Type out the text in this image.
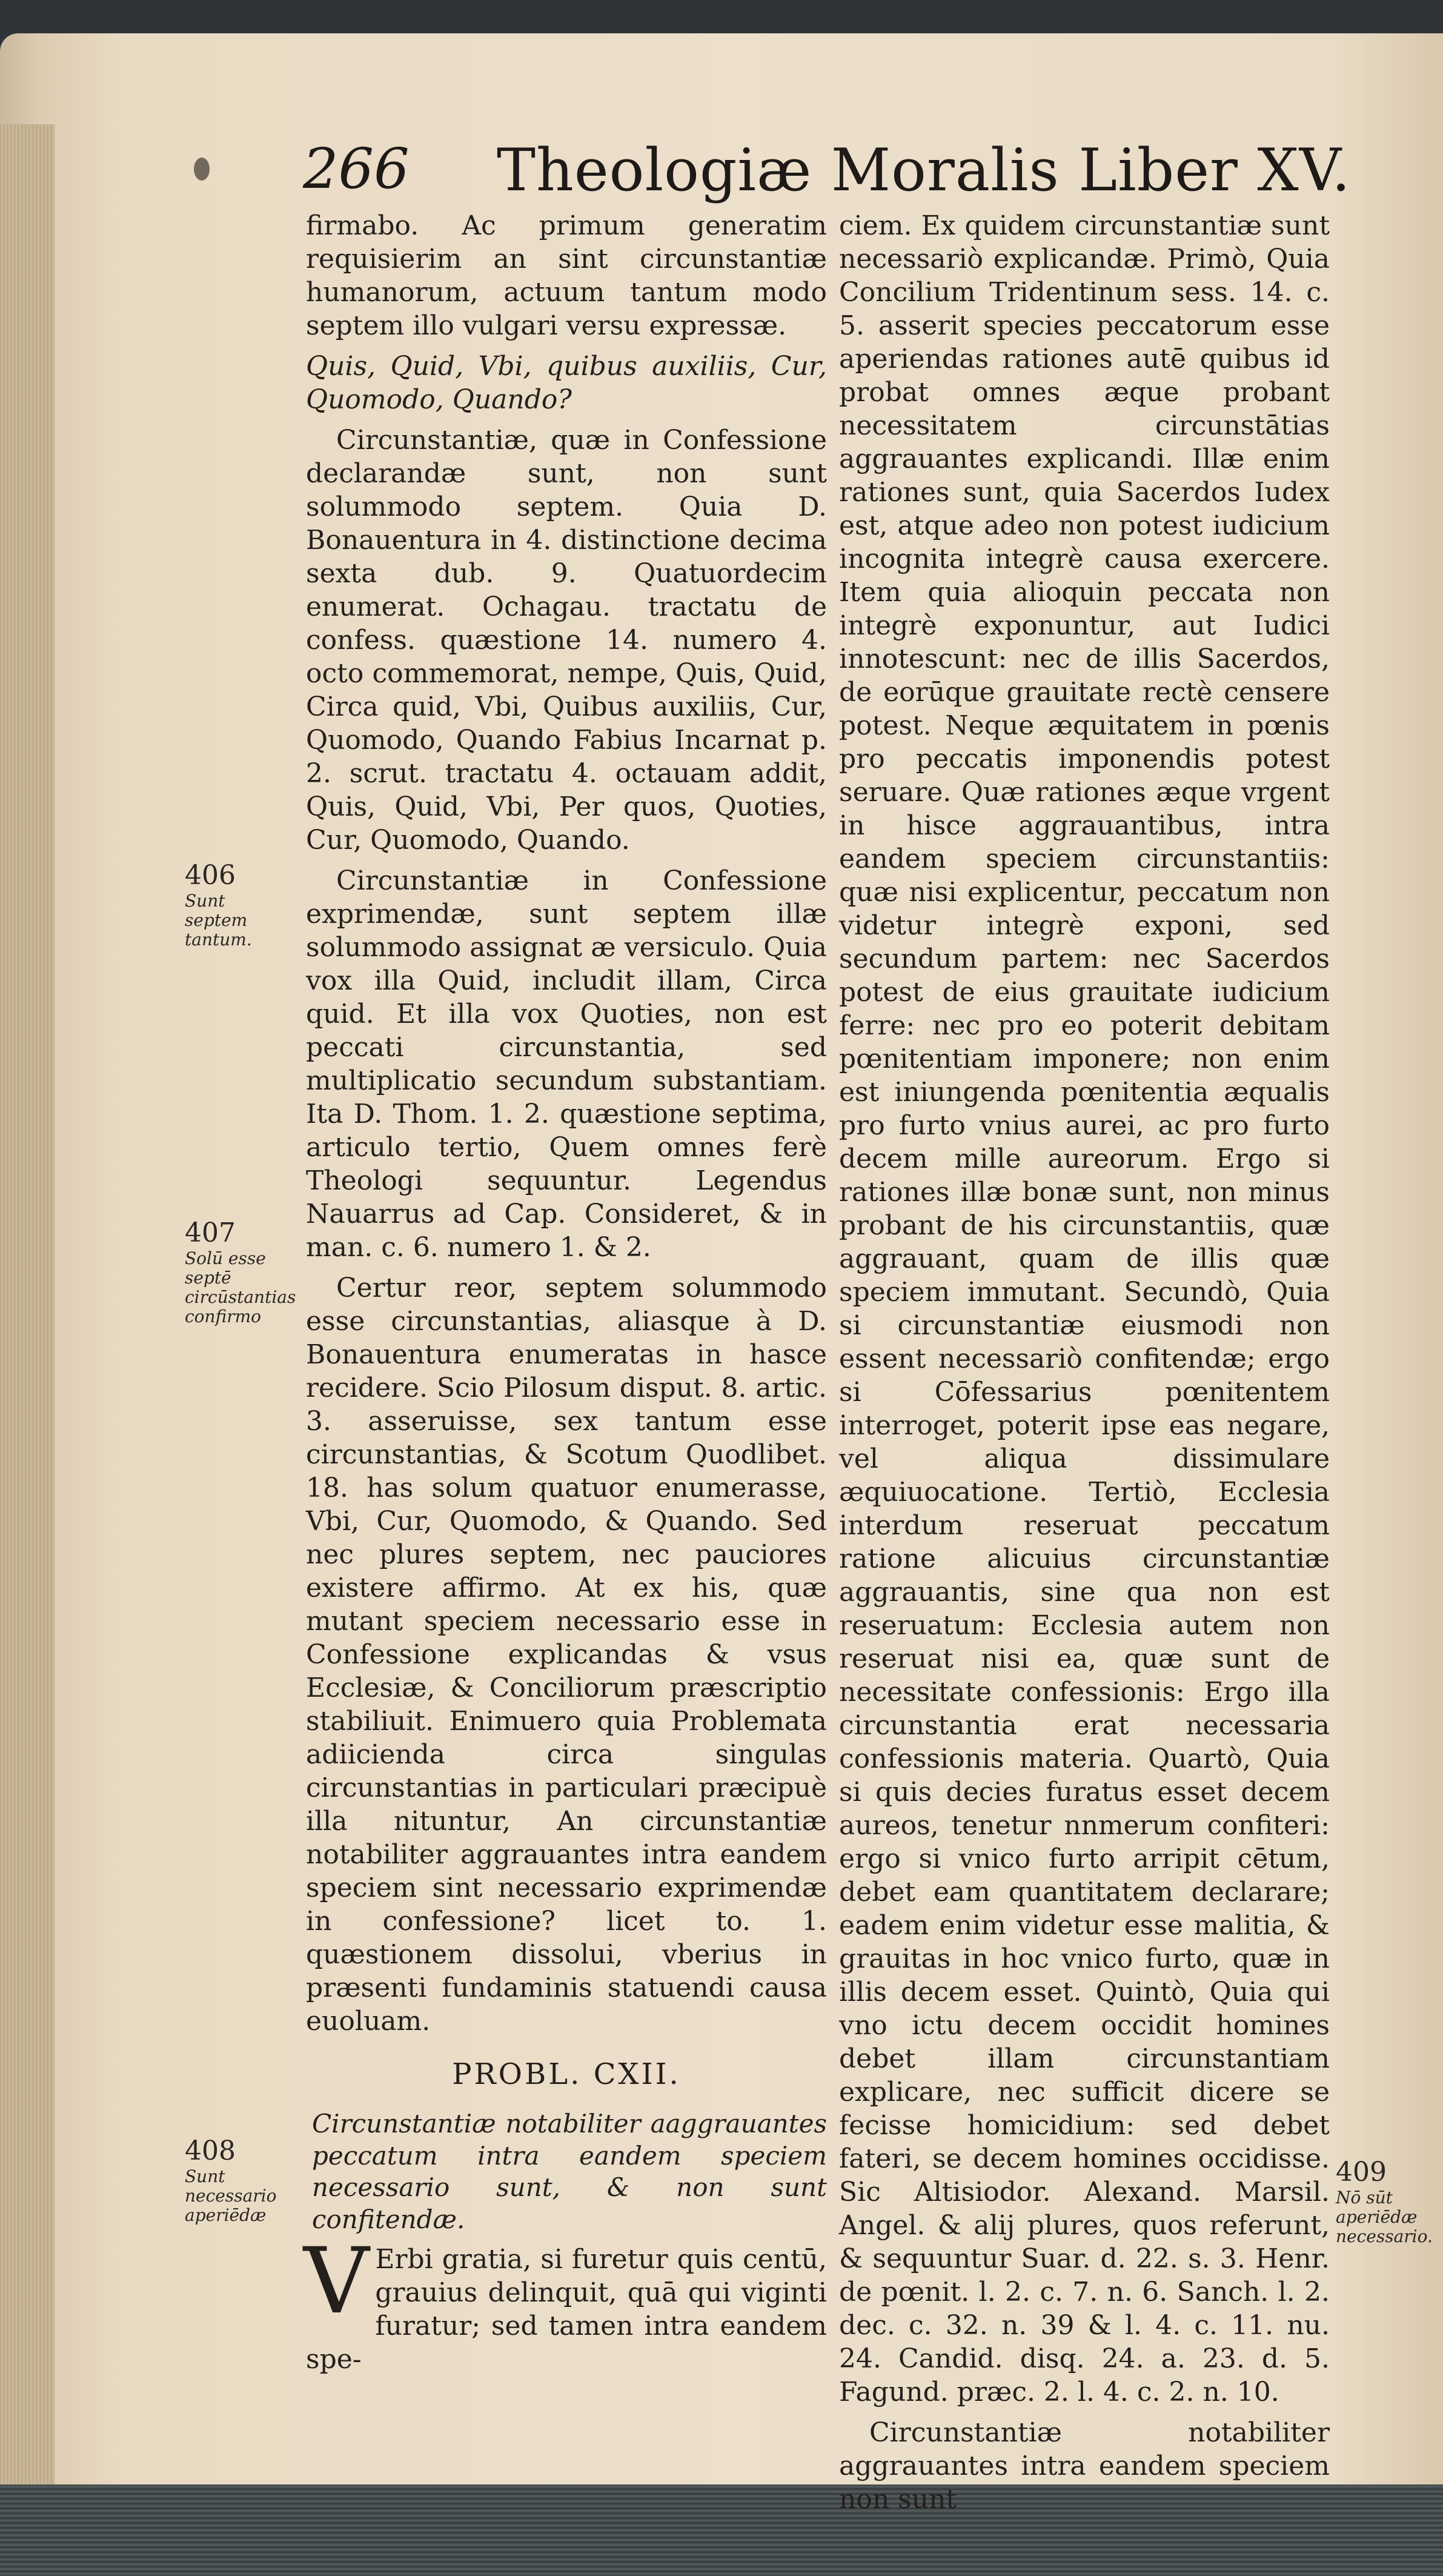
266 Theologiæ Moralis Liber XV.

firmabo. Ac primum generatim requisierim an sint circunstantiæ humanorum, actuum tantum modo septem illo vulgari versu expressæ.

Quis, Quid, Vbi, quibus auxiliis, Cur, Quomodo, Quando?

Circunstantiæ, quæ in Confessione declarandæ sunt, non sunt solummodo septem. Quia D. Bonauentura in 4. distinctione decima sexta dub. 9. Quatuordecim enumerat. Ochagau. tractatu de confess. quæstione 14. numero 4. octo commemorat, nempe, Quis, Quid, Circa quid, Vbi, Quibus auxiliis, Cur, Quomodo, Quando Fabius Incarnat p. 2. scrut. tractatu 4. octauam addit, Quis, Quid, Vbi, Per quos, Quoties, Cur, Quomodo, Quando.

Circunstantiæ in Confessione exprimendæ, sunt septem illæ solummodo assignat æ versiculo. Quia vox illa Quid, includit illam, Circa quid. Et illa vox Quoties, non est peccati circunstantia, sed multiplicatio secundum substantiam. Ita D. Thom. 1. 2. quæstione septima, articulo tertio, Quem omnes ferè Theologi sequuntur. Legendus Nauarrus ad Cap. Consideret, & in man. c. 6. numero 1. & 2.

Certur reor, septem solummodo esse circunstantias, aliasque à D. Bonauentura enumeratas in hasce recidere. Scio Pilosum disput. 8. artic. 3. asseruisse, sex tantum esse circunstantias, & Scotum Quodlibet. 18. has solum quatuor enumerasse, Vbi, Cur, Quomodo, & Quando. Sed nec plures septem, nec pauciores existere affirmo. At ex his, quæ mutant speciem necessario esse in Confessione explicandas & vsus Ecclesiæ, & Conciliorum præscriptio stabiliuit. Enimuero quia Problemata adiicienda circa singulas circunstantias in particulari præcipuè illa nituntur, An circunstantiæ notabiliter aggrauantes intra eandem speciem sint necessario exprimendæ in confessione? licet to. 1. quæstionem dissolui, vberius in præsenti fundaminis statuendi causa euoluam.

PROBL. CXII.

Circunstantiæ notabiliter aaggrauantes peccatum intra eandem speciem necessario sunt, & non sunt confitendæ.

V Erbi gratia, si furetur quis centū, grauius delinquit, quā qui viginti furatur; sed tamen intra eandem spe-

ciem. Ex quidem circunstantiæ sunt necessariò explicandæ. Primò, Quia Concilium Tridentinum sess. 14. c. 5. asserit species peccatorum esse aperiendas rationes autē quibus id probat omnes æque probant necessitatem circunstātias aggrauantes explicandi. Illæ enim rationes sunt, quia Sacerdos Iudex est, atque adeo non potest iudicium incognita integrè causa exercere. Item quia alioquin peccata non integrè exponuntur, aut Iudici innotescunt: nec de illis Sacerdos, de eorūque grauitate rectè censere potest. Neque æquitatem in pœnis pro peccatis imponendis potest seruare. Quæ rationes æque vrgent in hisce aggrauantibus, intra eandem speciem circunstantiis: quæ nisi explicentur, peccatum non videtur integrè exponi, sed secundum partem: nec Sacerdos potest de eius grauitate iudicium ferre: nec pro eo poterit debitam pœnitentiam imponere; non enim est iniungenda pœnitentia æqualis pro furto vnius aurei, ac pro furto decem mille aureorum. Ergo si rationes illæ bonæ sunt, non minus probant de his circunstantiis, quæ aggrauant, quam de illis quæ speciem immutant. Secundò, Quia si circunstantiæ eiusmodi non essent necessariò confitendæ; ergo si Cōfessarius pœnitentem interroget, poterit ipse eas negare, vel aliqua dissimulare æquiuocatione. Tertiò, Ecclesia interdum reseruat peccatum ratione alicuius circunstantiæ aggrauantis, sine qua non est reseruatum: Ecclesia autem non reseruat nisi ea, quæ sunt de necessitate confessionis: Ergo illa circunstantia erat necessaria confessionis materia. Quartò, Quia si quis decies furatus esset decem aureos, tenetur nnmerum confiteri: ergo si vnico furto arripit cētum, debet eam quantitatem declarare; eadem enim videtur esse malitia, & grauitas in hoc vnico furto, quæ in illis decem esset. Quintò, Quia qui vno ictu decem occidit homines debet illam circunstantiam explicare, nec sufficit dicere se fecisse homicidium: sed debet fateri, se decem homines occidisse. Sic Altisiodor. Alexand. Marsil. Angel. & alij plures, quos referunt, & sequuntur Suar. d. 22. s. 3. Henr. de pœnit. l. 2. c. 7. n. 6. Sanch. l. 2. dec. c. 32. n. 39 & l. 4. c. 11. nu. 24. Candid. disq. 24. a. 23. d. 5. Fagund. præc. 2. l. 4. c. 2. n. 10.

Circunstantiæ notabiliter aggrauantes intra eandem speciem non sunt

406
Sunt septem tantum.
407
Solū esse septē circūstantias confirmo
408
Sunt necessario aperiēdæ
409
Nō sūt aperiēdæ necessario.
